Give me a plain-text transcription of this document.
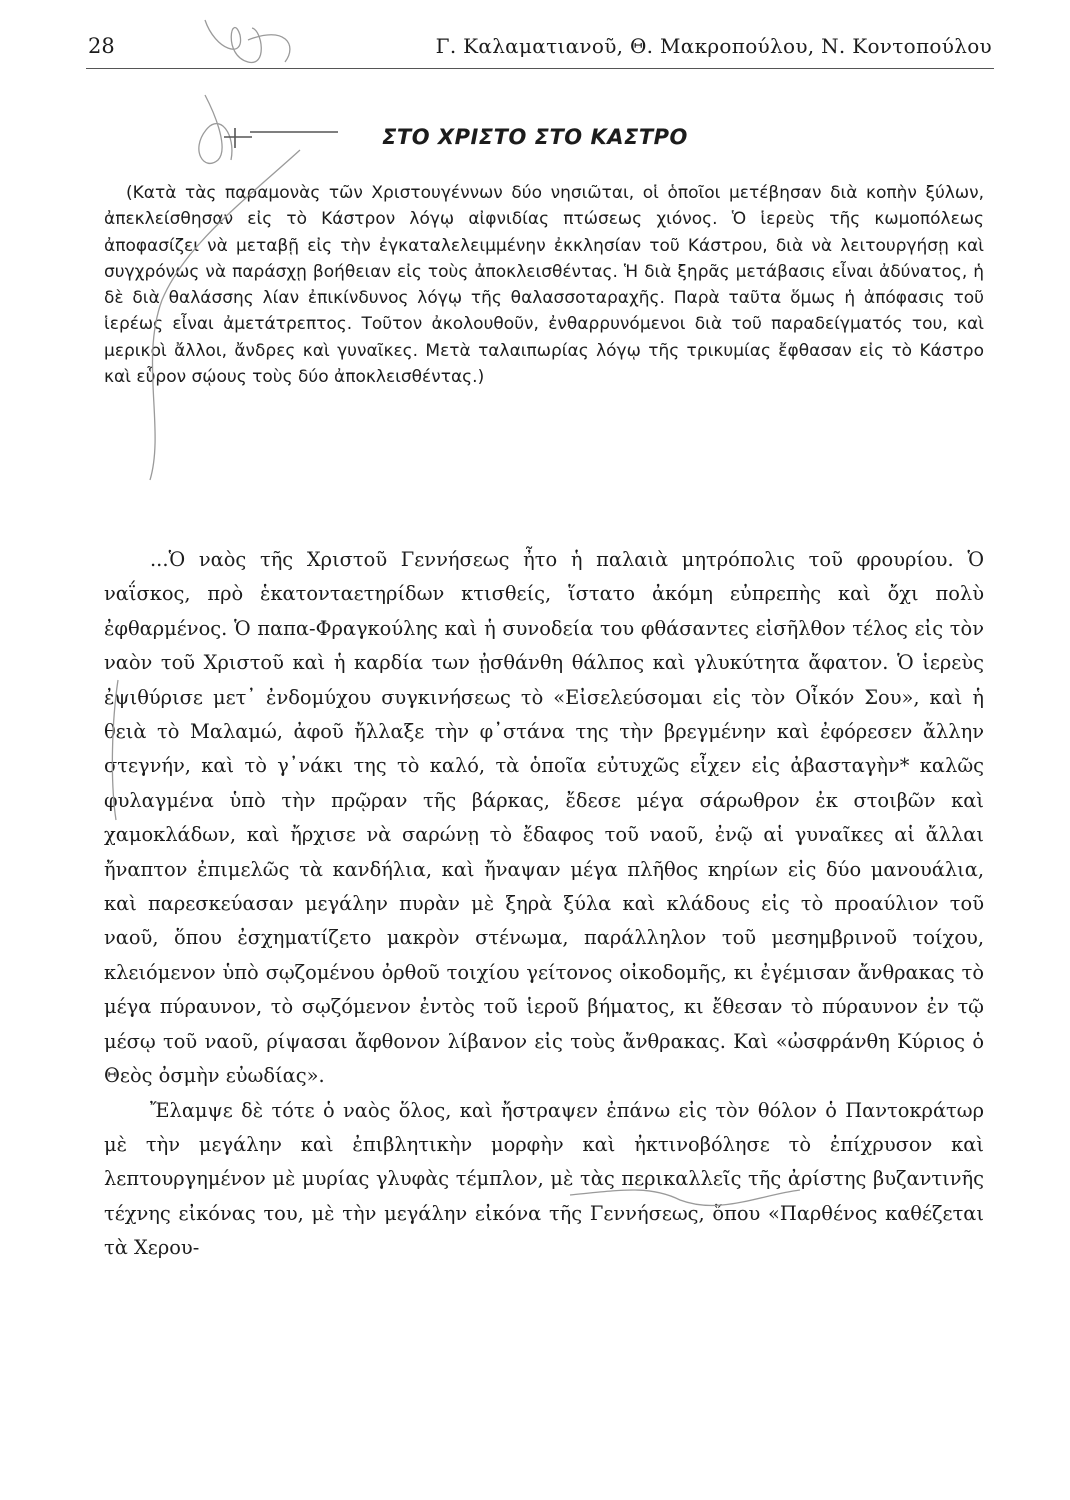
28	Γ. Καλαματιανοῦ, Θ. Μακροπούλου, Ν. Κοντοπούλου
ΣΤΟ ΧΡΙΣΤΟ ΣΤΟ ΚΑΣΤΡΟ

(Κατὰ τὰς παραμονὰς τῶν Χριστουγέννων δύο νησιῶται, οἱ ὁποῖοι μετέβησαν διὰ κοπὴν ξύλων, ἀπεκλείσθησαν εἰς τὸ Κάστρον λόγῳ αἰφνιδίας πτώσεως χιόνος. Ὁ ἱερεὺς τῆς κωμοπόλεως ἀποφασίζει νὰ μεταβῇ εἰς τὴν ἐγκαταλελειμμένην ἐκκλησίαν τοῦ Κάστρου, διὰ νὰ λειτουργήσῃ καὶ συγχρόνως νὰ παράσχῃ βοήθειαν εἰς τοὺς ἀποκλεισθέντας. Ἡ διὰ ξηρᾶς μετάβασις εἶναι ἀδύνατος, ἡ δὲ διὰ θαλάσσης λίαν ἐπικίνδυνος λόγῳ τῆς θαλασσοταραχῆς. Παρὰ ταῦτα ὅμως ἡ ἀπόφασις τοῦ ἱερέως εἶναι ἀμετάτρεπτος. Τοῦτον ἀκολουθοῦν, ἐνθαρρυνόμενοι διὰ τοῦ παραδείγματός του, καὶ μερικοὶ ἄλλοι, ἄνδρες καὶ γυναῖκες. Μετὰ ταλαιπωρίας λόγῳ τῆς τρικυμίας ἔφθασαν εἰς τὸ Κάστρο καὶ εὗρον σῴους τοὺς δύο ἀποκλεισθέντας.)

...Ὁ ναὸς τῆς Χριστοῦ Γεννήσεως ἦτο ἡ παλαιὰ μητρόπολις τοῦ φρουρίου. Ὁ ναΐσκος, πρὸ ἑκατονταετηρίδων κτισθείς, ἵστατο ἀκόμη εὐπρεπὴς καὶ ὄχι πολὺ ἐφθαρμένος. Ὁ παπα-Φραγκούλης καὶ ἡ συνοδεία του φθάσαντες εἰσῆλθον τέλος εἰς τὸν ναὸν τοῦ Χριστοῦ καὶ ἡ καρδία των ᾐσθάνθη θάλπος καὶ γλυκύτητα ἄφατον. Ὁ ἱερεὺς ἐψιθύρισε μετ᾽ ἐνδομύχου συγκινήσεως τὸ «Εἰσελεύσομαι εἰς τὸν Οἶκόν Σου», καὶ ἡ θειὰ τὸ Μαλαμώ, ἀφοῦ ἤλλαξε τὴν φ᾽στάνα της τὴν βρεγμένην καὶ ἐφόρεσεν ἄλλην στεγνήν, καὶ τὸ γ᾽νάκι της τὸ καλό, τὰ ὁποῖα εὐτυχῶς εἶχεν εἰς ἀβασταγὴν* καλῶς φυλαγμένα ὑπὸ τὴν πρῷραν τῆς βάρκας, ἔδεσε μέγα σάρωθρον ἐκ στοιβῶν καὶ χαμοκλάδων, καὶ ἤρχισε νὰ σαρώνῃ τὸ ἔδαφος τοῦ ναοῦ, ἐνῷ αἱ γυναῖκες αἱ ἄλλαι ἤναπτον ἐπιμελῶς τὰ κανδήλια, καὶ ἤναψαν μέγα πλῆθος κηρίων εἰς δύο μανουάλια, καὶ παρεσκεύασαν μεγάλην πυρὰν μὲ ξηρὰ ξύλα καὶ κλάδους εἰς τὸ προαύλιον τοῦ ναοῦ, ὅπου ἐσχηματίζετο μακρὸν στένωμα, παράλληλον τοῦ μεσημβρινοῦ τοίχου, κλειόμενον ὑπὸ σῳζομένου ὀρθοῦ τοιχίου γείτονος οἰκοδομῆς, κι ἐγέμισαν ἄνθρακας τὸ μέγα πύραυνον, τὸ σῳζόμενον ἐντὸς τοῦ ἱεροῦ βήματος, κι ἔθεσαν τὸ πύραυνον ἐν τῷ μέσῳ τοῦ ναοῦ, ρίψασαι ἄφθονον λίβανον εἰς τοὺς ἄνθρακας. Καὶ «ὠσφράνθη Κύριος ὁ Θεὸς ὀσμὴν εὐωδίας».

Ἔλαμψε δὲ τότε ὁ ναὸς ὅλος, καὶ ἤστραψεν ἐπάνω εἰς τὸν θόλον ὁ Παντοκράτωρ μὲ τὴν μεγάλην καὶ ἐπιβλητικὴν μορφὴν καὶ ἠκτινοβόλησε τὸ ἐπίχρυσον καὶ λεπτουργημένον μὲ μυρίας γλυφὰς τέμπλον, μὲ τὰς περικαλλεῖς τῆς ἀρίστης βυζαντινῆς τέχνης εἰκόνας του, μὲ τὴν μεγάλην εἰκόνα τῆς Γεννήσεως, ὅπου «Παρθένος καθέζεται τὰ Χερου-
